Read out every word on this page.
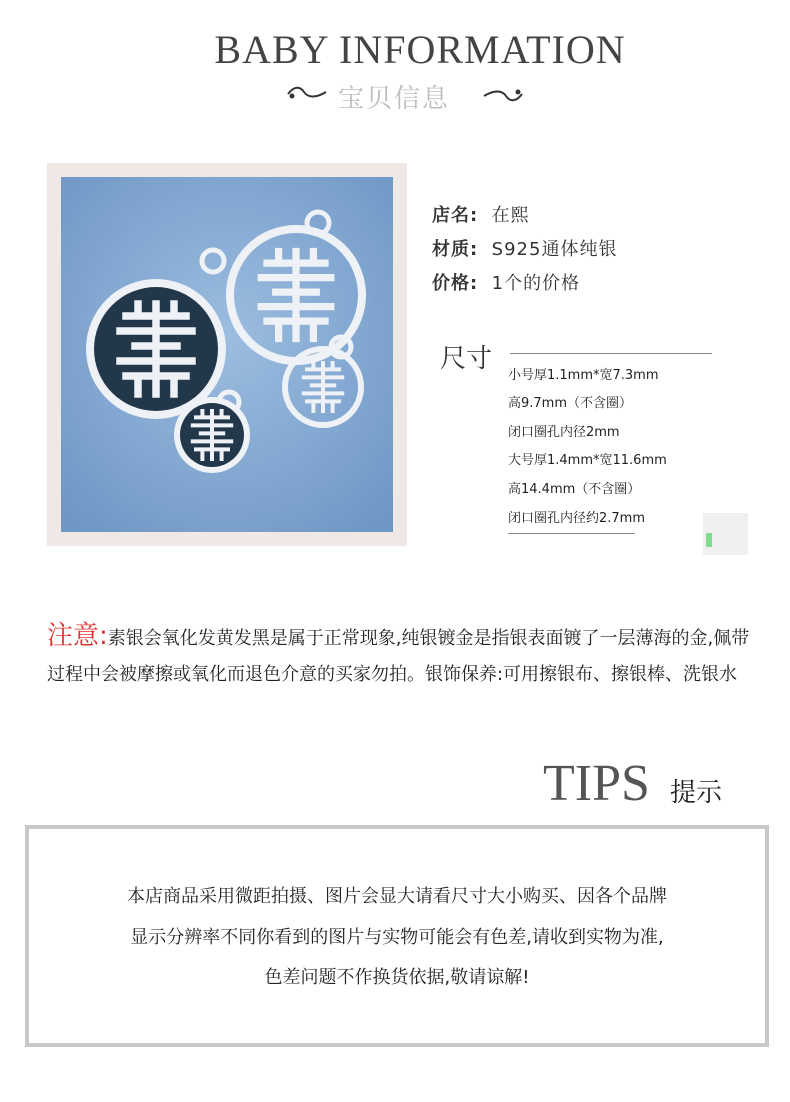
BABY INFORMATION
宝贝信息
店名: 在熙
材质: S925通体纯银
价格: 1个的价格
尺寸
小号厚1.1mm*宽7.3mm
高9.7mm（不含圈）
闭口圈孔内径2mm
大号厚1.4mm*宽11.6mm
高14.4mm（不含圈）
闭口圈孔内径约2.7mm
注意:素银会氧化发黄发黑是属于正常现象,纯银镀金是指银表面镀了一层薄海的金,佩带过程中会被摩擦或氧化而退色介意的买家勿拍。银饰保养:可用擦银布、擦银棒、洗银水
TIPS 提示
本店商品采用微距拍摄、图片会显大请看尺寸大小购买、因各个品牌
显示分辨率不同你看到的图片与实物可能会有色差,请收到实物为准,
色差问题不作换货依据,敬请谅解!
